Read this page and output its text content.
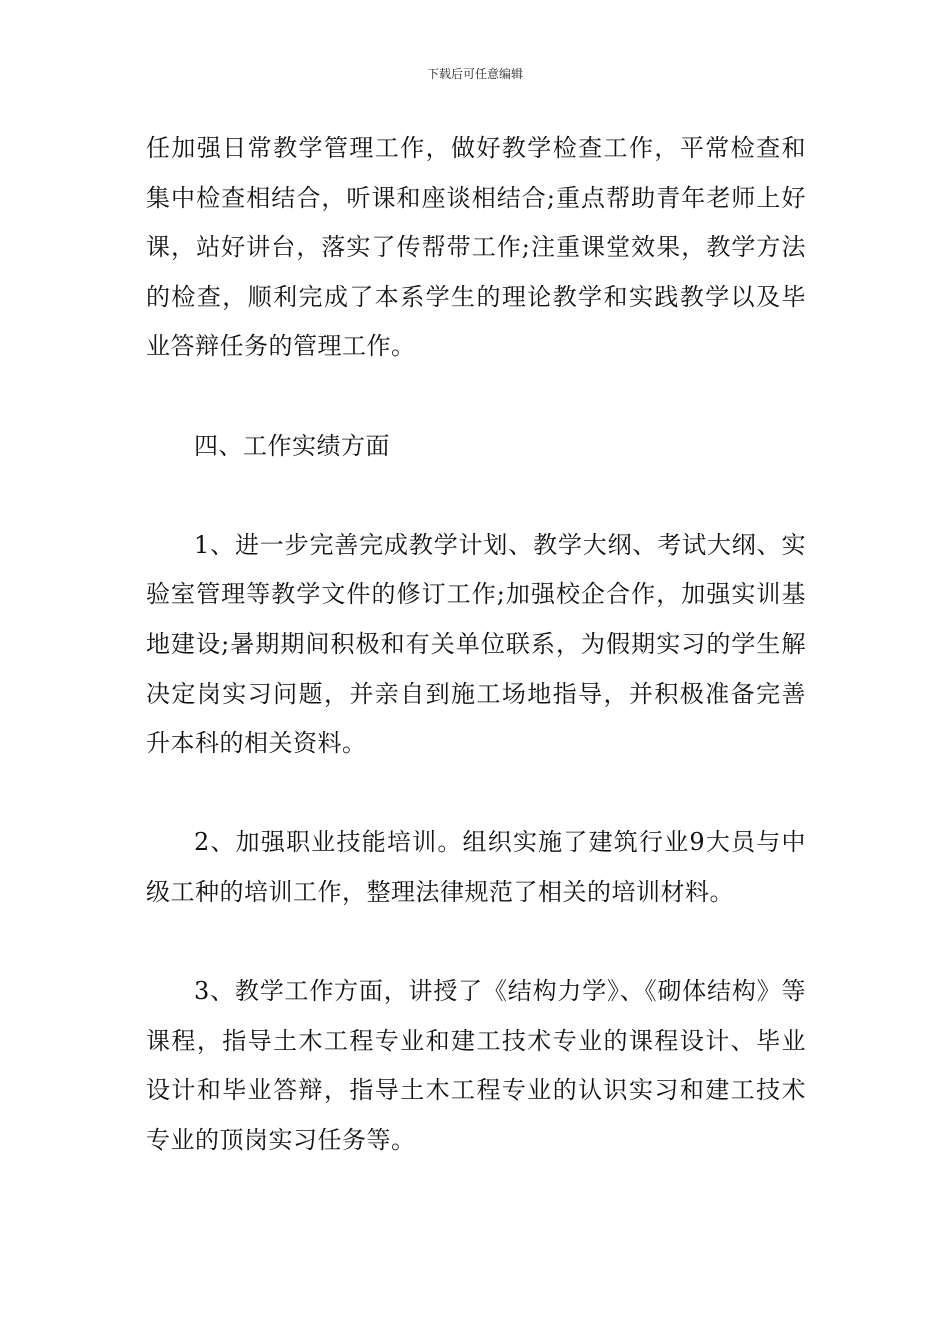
下载后可任意编辑

任加强日常教学管理工作，做好教学检查工作，平常检查和集中检查相结合，听课和座谈相结合;重点帮助青年老师上好课，站好讲台，落实了传帮带工作;注重课堂效果，教学方法的检查，顺利完成了本系学生的理论教学和实践教学以及毕业答辩任务的管理工作。

四、工作实绩方面

1、进一步完善完成教学计划、教学大纲、考试大纲、实验室管理等教学文件的修订工作;加强校企合作，加强实训基地建设;暑期期间积极和有关单位联系，为假期实习的学生解决定岗实习问题，并亲自到施工场地指导，并积极准备完善升本科的相关资料。

2、加强职业技能培训。组织实施了建筑行业9大员与中级工种的培训工作，整理法律规范了相关的培训材料。

3、教学工作方面，讲授了《结构力学》、《砌体结构》等课程，指导土木工程专业和建工技术专业的课程设计、毕业设计和毕业答辩，指导土木工程专业的认识实习和建工技术专业的顶岗实习任务等。
